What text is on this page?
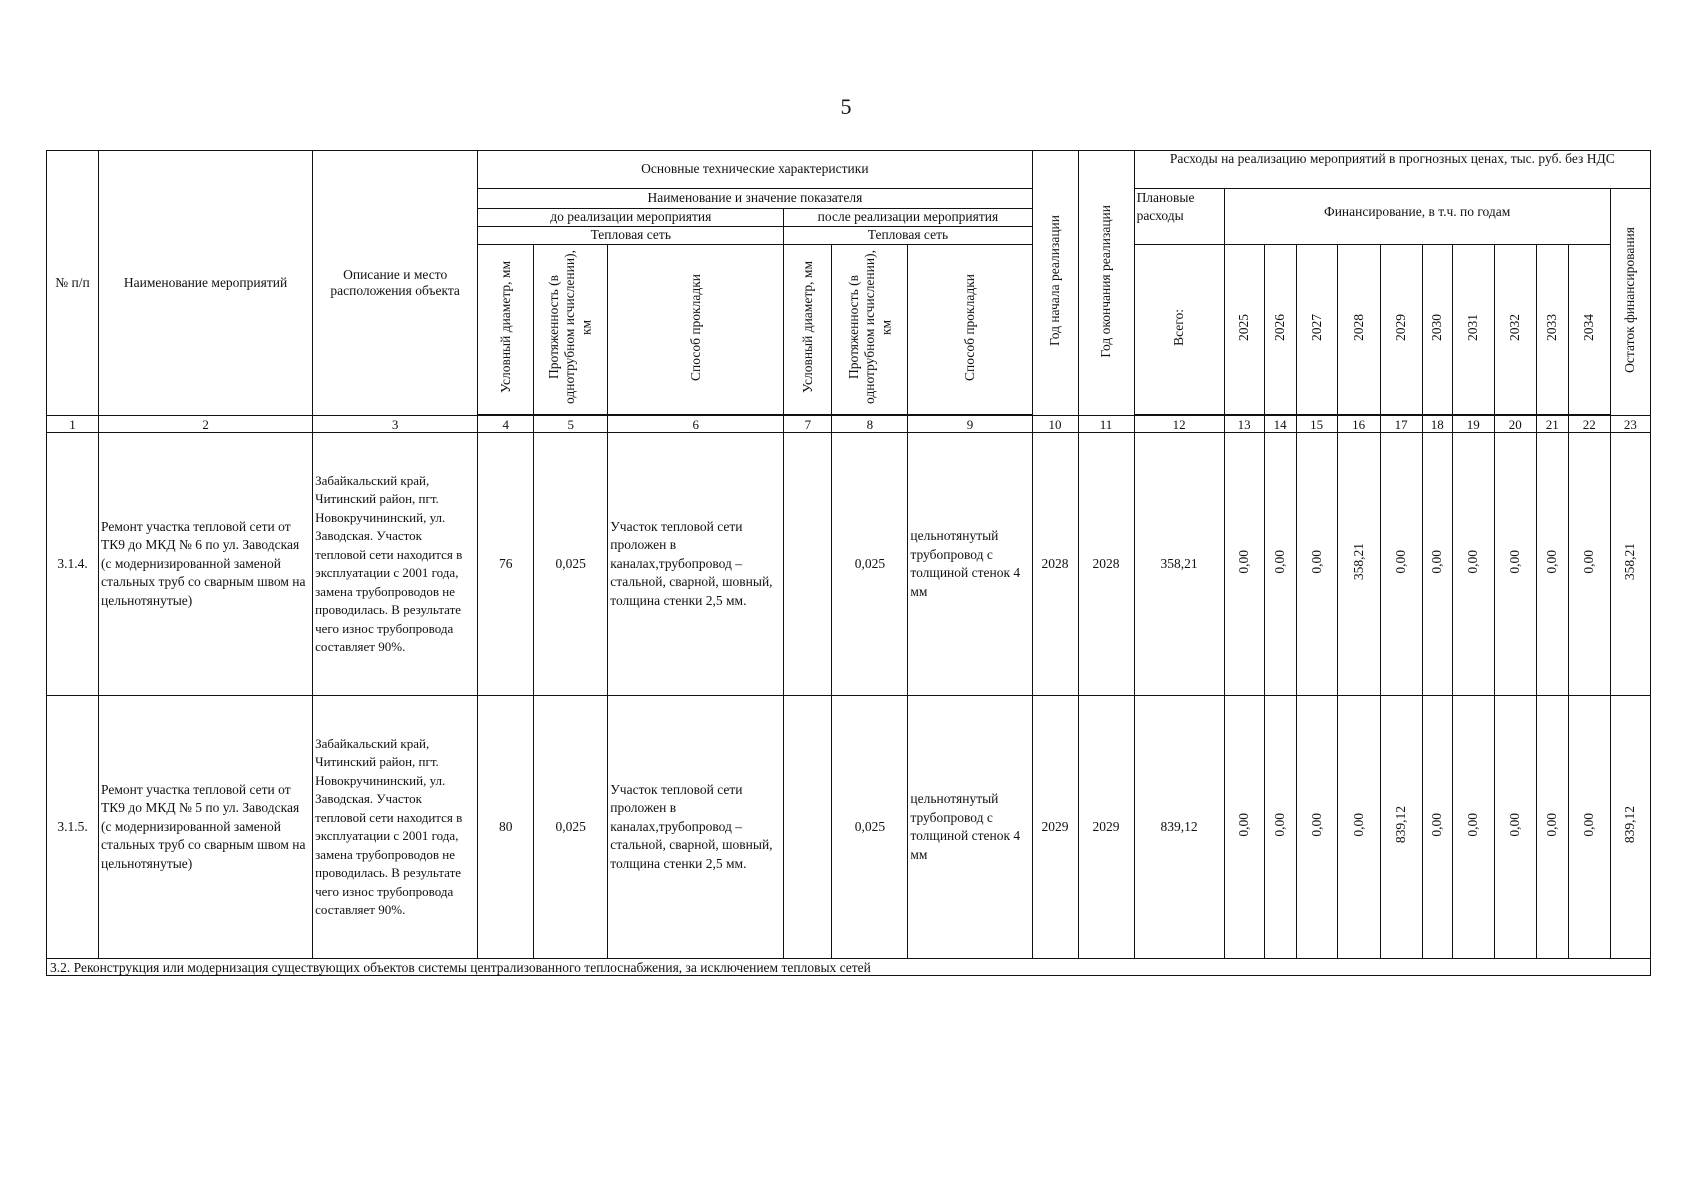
5
№ п/п	Наименование мероприятий	Описание и место расположения объекта	Основные технические характеристики						Год начала реализации	Год окончания реализации	Расходы на реализацию мероприятий в прогнозных ценах, тыс. руб. без НДС											
			Наименование и значение показателя								Плановые расходы	Финансирование, в т.ч. по годам										Остаток финансирования
			до реализации мероприятия			после реализации мероприятия																
			Тепловая сеть			Тепловая сеть																
			Условный диаметр, мм	Протяженность (в однотрубном исчислении), км	Способ прокладки	Условный диаметр, мм	Протяженность (в однотрубном исчислении), км	Способ прокладки			Всего:	2025	2026	2027	2028	2029	2030	2031	2032	2033	2034	

1	2	3	4	5	6	7	8	9	10	11	12	13	14	15	16	17	18	19	20	21	22	23
3.1.4.	Ремонт участка тепловой сети от ТК9 до МКД № 6 по ул. Заводская (с модернизированной заменой стальных труб со сварным швом на цельнотянутые)	Забайкальский край, Читинский район, пгт. Новокручининский, ул. Заводская. Участок тепловой сети находится в эксплуатации с 2001 года, замена трубопроводов не проводилась. В результате чего износ трубопровода составляет 90%.	76	0,025	Участок тепловой сети проложен в каналах,трубопровод – стальной, сварной, шовный, толщина стенки 2,5 мм.		0,025	цельнотянутый трубопровод с толщиной стенок 4 мм	2028	2028	358,21	0,00	0,00	0,00	358,21	0,00	0,00	0,00	0,00	0,00	0,00	358,21
3.1.5.	Ремонт участка тепловой сети от ТК9 до МКД № 5 по ул. Заводская (с модернизированной заменой стальных труб со сварным швом на цельнотянутые)	Забайкальский край, Читинский район, пгт. Новокручининский, ул. Заводская. Участок тепловой сети находится в эксплуатации с 2001 года, замена трубопроводов не проводилась. В результате чего износ трубопровода составляет 90%.	80	0,025	Участок тепловой сети проложен в каналах,трубопровод – стальной, сварной, шовный, толщина стенки 2,5 мм.		0,025	цельнотянутый трубопровод с толщиной стенок 4 мм	2029	2029	839,12	0,00	0,00	0,00	0,00	839,12	0,00	0,00	0,00	0,00	0,00	839,12
3.2. Реконструкция или модернизация существующих объектов системы централизованного теплоснабжения, за исключением тепловых сетей																						
